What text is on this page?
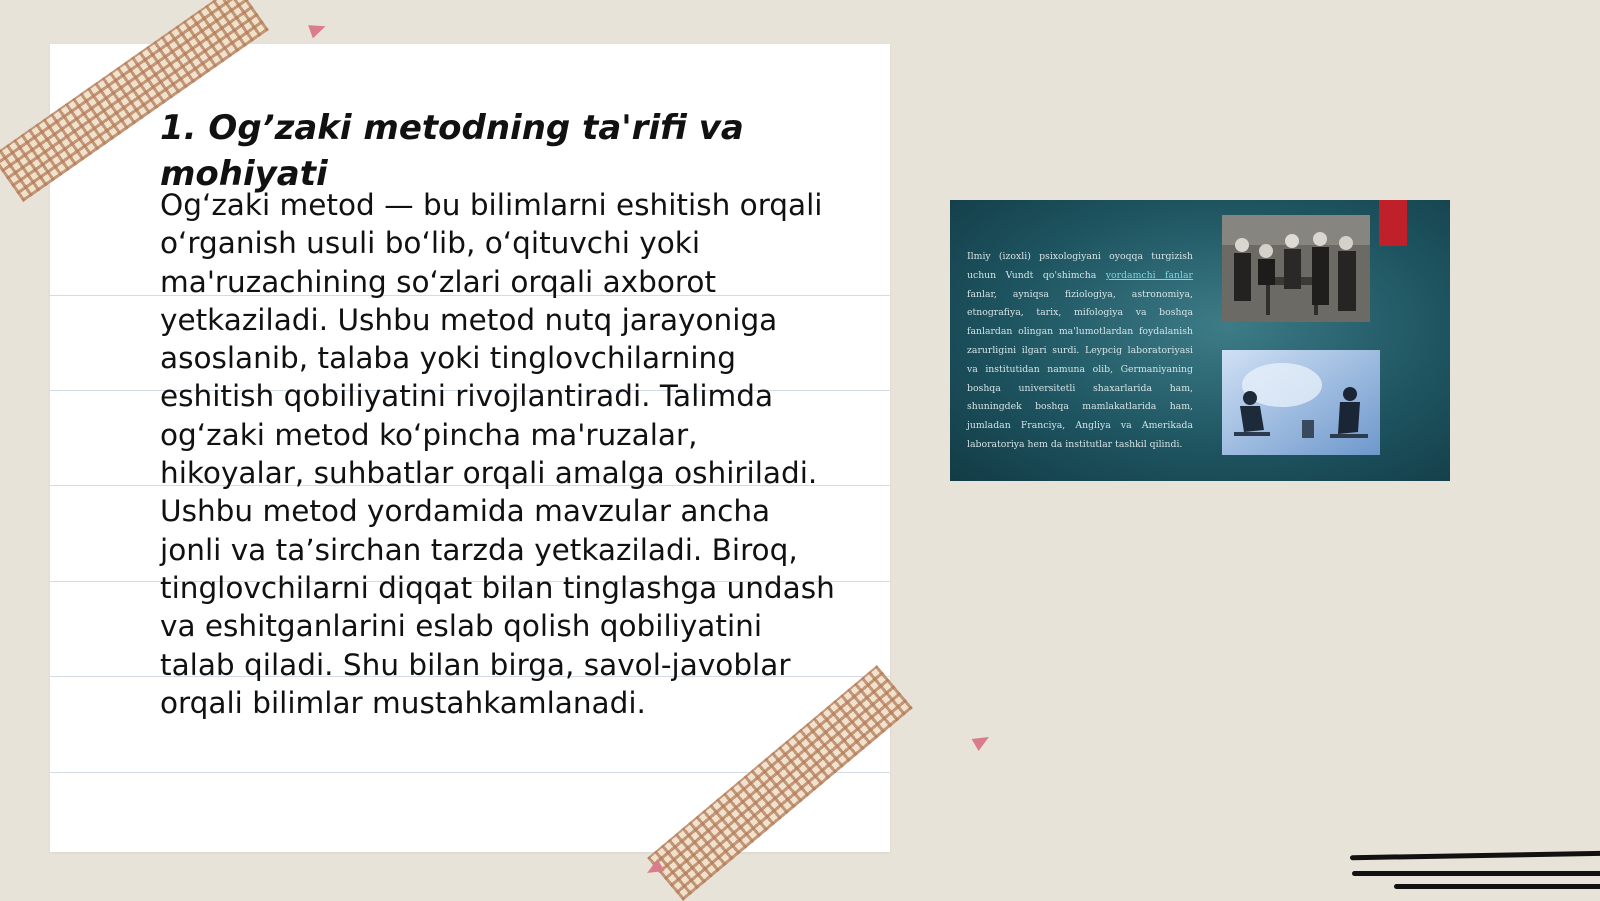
1. Og’zaki metodning ta'rifi va mohiyati

Og‘zaki metod — bu bilimlarni eshitish orqali o‘rganish usuli bo‘lib, o‘qituvchi yoki ma'ruzachining so‘zlari orqali axborot yetkaziladi. Ushbu metod nutq jarayoniga asoslanib, talaba yoki tinglovchilarning eshitish qobiliyatini rivojlantiradi. Talimda og‘zaki metod ko‘pincha ma'ruzalar, hikoyalar, suhbatlar orqali amalga oshiriladi. Ushbu metod yordamida mavzular ancha jonli va ta’sirchan tarzda yetkaziladi. Biroq, tinglovchilarni diqqat bilan tinglashga undash va eshitganlarini eslab qolish qobiliyatini talab qiladi. Shu bilan birga, savol-javoblar orqali bilimlar mustahkamlanadi.

Ilmiy (izoxli) psixologiyani oyoqqa turgizish uchun Vundt qo'shimcha yordamchi fanlar fanlar, ayniqsa fiziologiya, astronomiya, etnografiya, tarix, mifologiya va boshqa fanlardan olingan ma'lumotlardan foydalanish zarurligini ilgari surdi. Leypcig laboratoriyasi va institutidan namuna olib, Germaniyaning boshqa universitetli shaxarlarida ham, shuningdek boshqa mamlakatlarida ham, jumladan Franciya, Angliya va Amerikada laboratoriya hem da institutlar tashkil qilindi.
